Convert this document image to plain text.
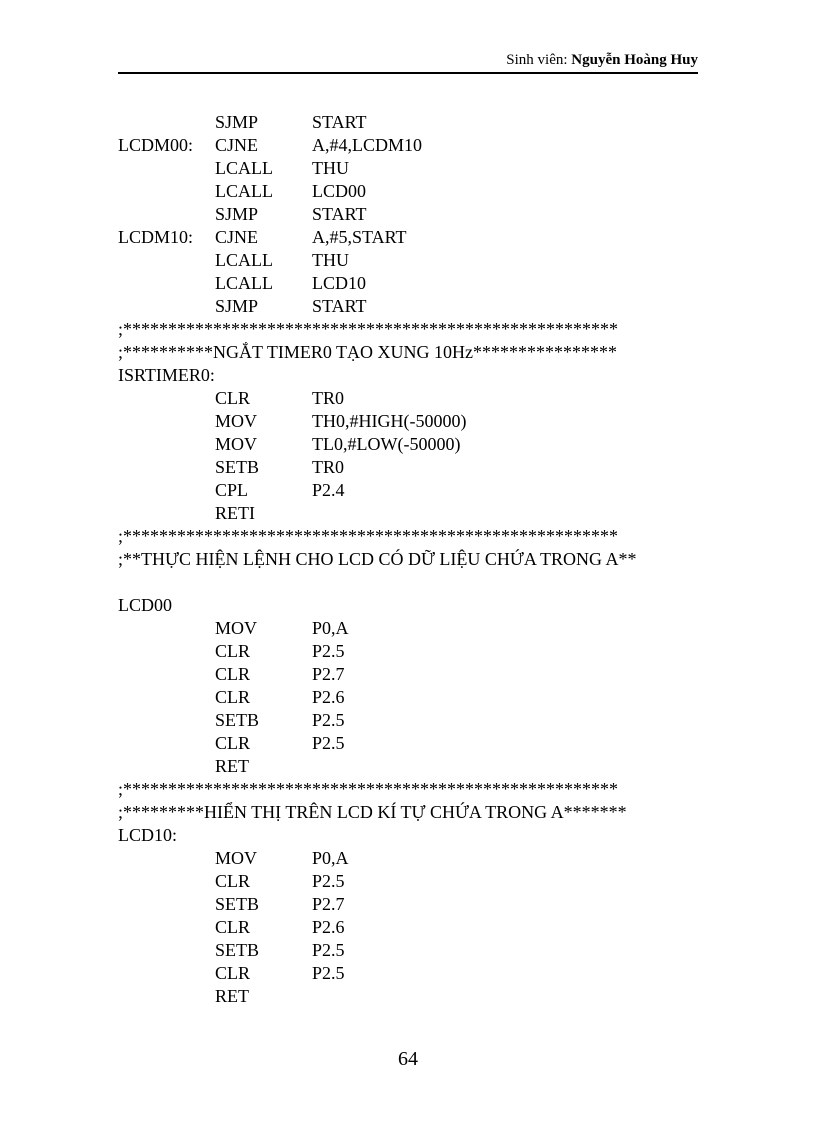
Sinh viên: Nguyễn Hoàng Huy
SJMP	START
LCDM00: CJNE	A,#4,LCDM10
LCALL THU
LCALL LCD00
SJMP	START
LCDM10: CJNE	A,#5,START
LCALL THU
LCALL LCD10
SJMP	START
;*******************************************************
;**********NGẮT TIMER0 TẠO XUNG 10Hz****************
ISRTIMER0:
CLR	TR0
MOV	TH0,#HIGH(-50000)
MOV	TL0,#LOW(-50000)
SETB	TR0
CPL	P2.4
RETI
;*******************************************************
;**THỰC HIỆN LỆNH CHO LCD CÓ DỮ LIỆU CHỨA TRONG A**
LCD00
MOV	P0,A
CLR	P2.5
CLR	P2.7
CLR	P2.6
SETB	P2.5
CLR	P2.5
RET
;*******************************************************
;*********HIỂN THỊ TRÊN LCD KÍ TỰ CHỨA TRONG A*******
LCD10:
MOV	P0,A
CLR	P2.5
SETB	P2.7
CLR	P2.6
SETB	P2.5
CLR	P2.5
RET
64
